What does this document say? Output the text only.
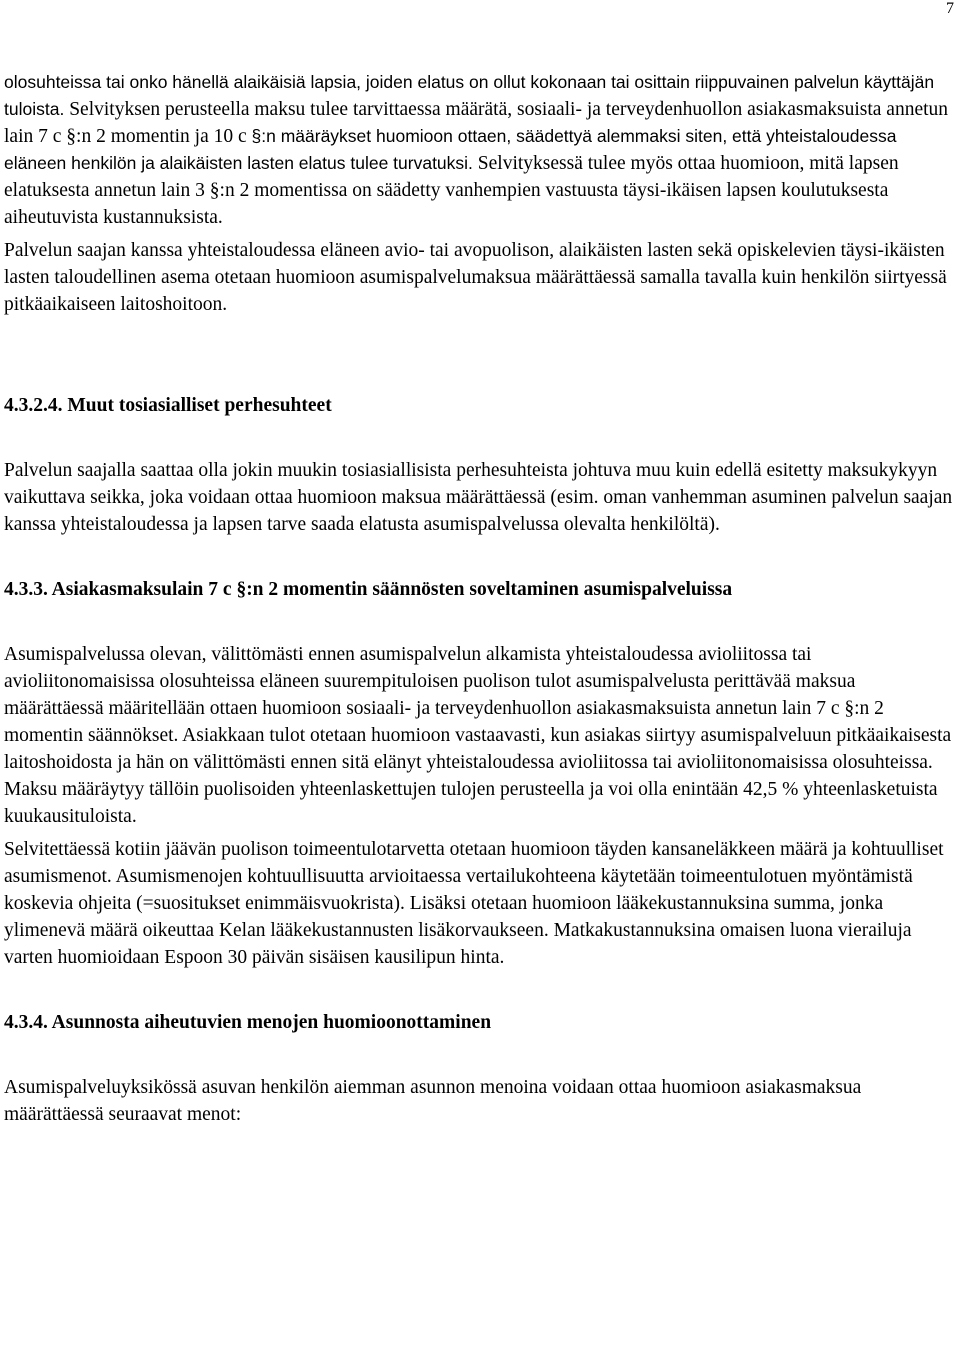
7

olosuhteissa tai onko hänellä alaikäisiä lapsia, joiden elatus on ollut kokonaan tai osittain riippuvainen palvelun käyttäjän tuloista. Selvityksen perusteella maksu tulee tarvittaessa määrätä, sosiaali- ja terveydenhuollon asiakasmaksuista annetun lain 7 c §:n 2 momentin ja 10 c §:n määräykset huomioon ottaen, säädettyä alemmaksi siten, että yhteistaloudessa eläneen henkilön ja alaikäisten lasten elatus tulee turvatuksi. Selvityksessä tulee myös ottaa huomioon, mitä lapsen elatuksesta annetun lain 3 §:n 2 momentissa on säädetty vanhempien vastuusta täysi-ikäisen lapsen koulutuksesta aiheutuvista kustannuksista.

Palvelun saajan kanssa yhteistaloudessa eläneen avio- tai avopuolison, alaikäisten lasten sekä opiskelevien täysi-ikäisten lasten taloudellinen asema otetaan huomioon asumispalvelumaksua määrättäessä samalla tavalla kuin henkilön siirtyessä pitkäaikaiseen laitoshoitoon.

4.3.2.4. Muut tosiasialliset perhesuhteet

Palvelun saajalla saattaa olla jokin muukin tosiasiallisista perhesuhteista johtuva muu kuin edellä esitetty maksukykyyn vaikuttava seikka, joka voidaan ottaa huomioon maksua määrättäessä (esim. oman vanhemman asuminen palvelun saajan kanssa yhteistaloudessa ja lapsen tarve saada elatusta asumispalvelussa olevalta henkilöltä).

4.3.3. Asiakasmaksulain 7 c §:n 2 momentin säännösten soveltaminen asumispalveluissa

Asumispalvelussa olevan, välittömästi ennen asumispalvelun alkamista yhteistaloudessa avioliitossa tai avioliitonomaisissa olosuhteissa eläneen suurempituloisen puolison tulot asumispalvelusta perittävää maksua määrättäessä määritellään ottaen huomioon sosiaali- ja terveydenhuollon asiakasmaksuista annetun lain 7 c §:n 2 momentin säännökset. Asiakkaan tulot otetaan huomioon vastaavasti, kun asiakas siirtyy asumispalveluun pitkäaikaisesta laitoshoidosta ja hän on välittömästi ennen sitä elänyt yhteistaloudessa avioliitossa tai avioliitonomaisissa olosuhteissa. Maksu määräytyy tällöin puolisoiden yhteenlaskettujen tulojen perusteella ja voi olla enintään 42,5 % yhteenlasketuista kuukausituloista.

Selvitettäessä kotiin jäävän puolison toimeentulotarvetta otetaan huomioon täyden kansaneläkkeen määrä ja kohtuulliset asumismenot. Asumismenojen kohtuullisuutta arvioitaessa vertailukohteena käytetään toimeentulotuen myöntämistä koskevia ohjeita (=suositukset enimmäisvuokrista). Lisäksi otetaan huomioon lääkekustannuksina summa, jonka ylimenevä määrä oikeuttaa Kelan lääkekustannusten lisäkorvaukseen. Matkakustannuksina omaisen luona vierailuja varten huomioidaan Espoon 30 päivän sisäisen kausilipun hinta.

4.3.4. Asunnosta aiheutuvien menojen huomioonottaminen

Asumispalveluyksikössä asuvan henkilön aiemman asunnon menoina voidaan ottaa huomioon asiakasmaksua määrättäessä seuraavat menot:
